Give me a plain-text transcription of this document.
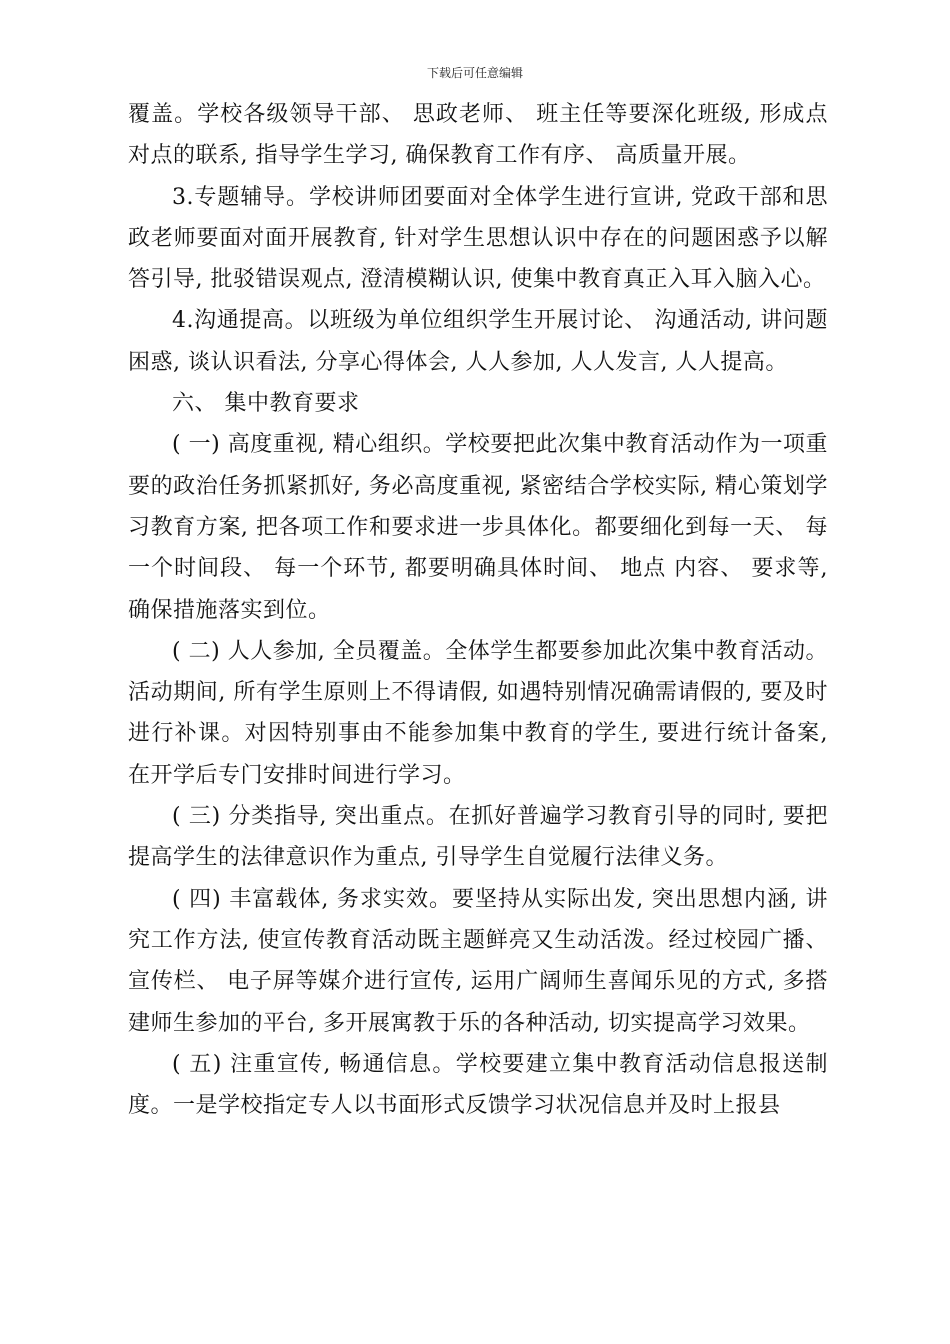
下载后可任意编辑

覆盖。学校各级领导干部、 思政老师、 班主任等要深化班级, 形成点对点的联系, 指导学生学习, 确保教育工作有序、 高质量开展。

3.专题辅导。学校讲师团要面对全体学生进行宣讲, 党政干部和思政老师要面对面开展教育, 针对学生思想认识中存在的问题困惑予以解答引导, 批驳错误观点, 澄清模糊认识, 使集中教育真正入耳入脑入心。

4.沟通提高。以班级为单位组织学生开展讨论、 沟通活动, 讲问题困惑, 谈认识看法, 分享心得体会, 人人参加, 人人发言, 人人提高。

六、 集中教育要求

( 一) 高度重视, 精心组织。学校要把此次集中教育活动作为一项重要的政治任务抓紧抓好, 务必高度重视, 紧密结合学校实际, 精心策划学习教育方案, 把各项工作和要求进一步具体化。都要细化到每一天、 每一个时间段、 每一个环节, 都要明确具体时间、 地点 内容、 要求等, 确保措施落实到位。

( 二) 人人参加, 全员覆盖。全体学生都要参加此次集中教育活动。活动期间, 所有学生原则上不得请假, 如遇特别情况确需请假的, 要及时进行补课。对因特别事由不能参加集中教育的学生, 要进行统计备案, 在开学后专门安排时间进行学习。

( 三) 分类指导, 突出重点。在抓好普遍学习教育引导的同时, 要把提高学生的法律意识作为重点, 引导学生自觉履行法律义务。

( 四) 丰富载体, 务求实效。要坚持从实际出发, 突出思想内涵, 讲究工作方法, 使宣传教育活动既主题鲜亮又生动活泼。经过校园广播、 宣传栏、 电子屏等媒介进行宣传, 运用广阔师生喜闻乐见的方式, 多搭建师生参加的平台, 多开展寓教于乐的各种活动, 切实提高学习效果。

( 五) 注重宣传, 畅通信息。学校要建立集中教育活动信息报送制度。一是学校指定专人以书面形式反馈学习状况信息并及时上报县
